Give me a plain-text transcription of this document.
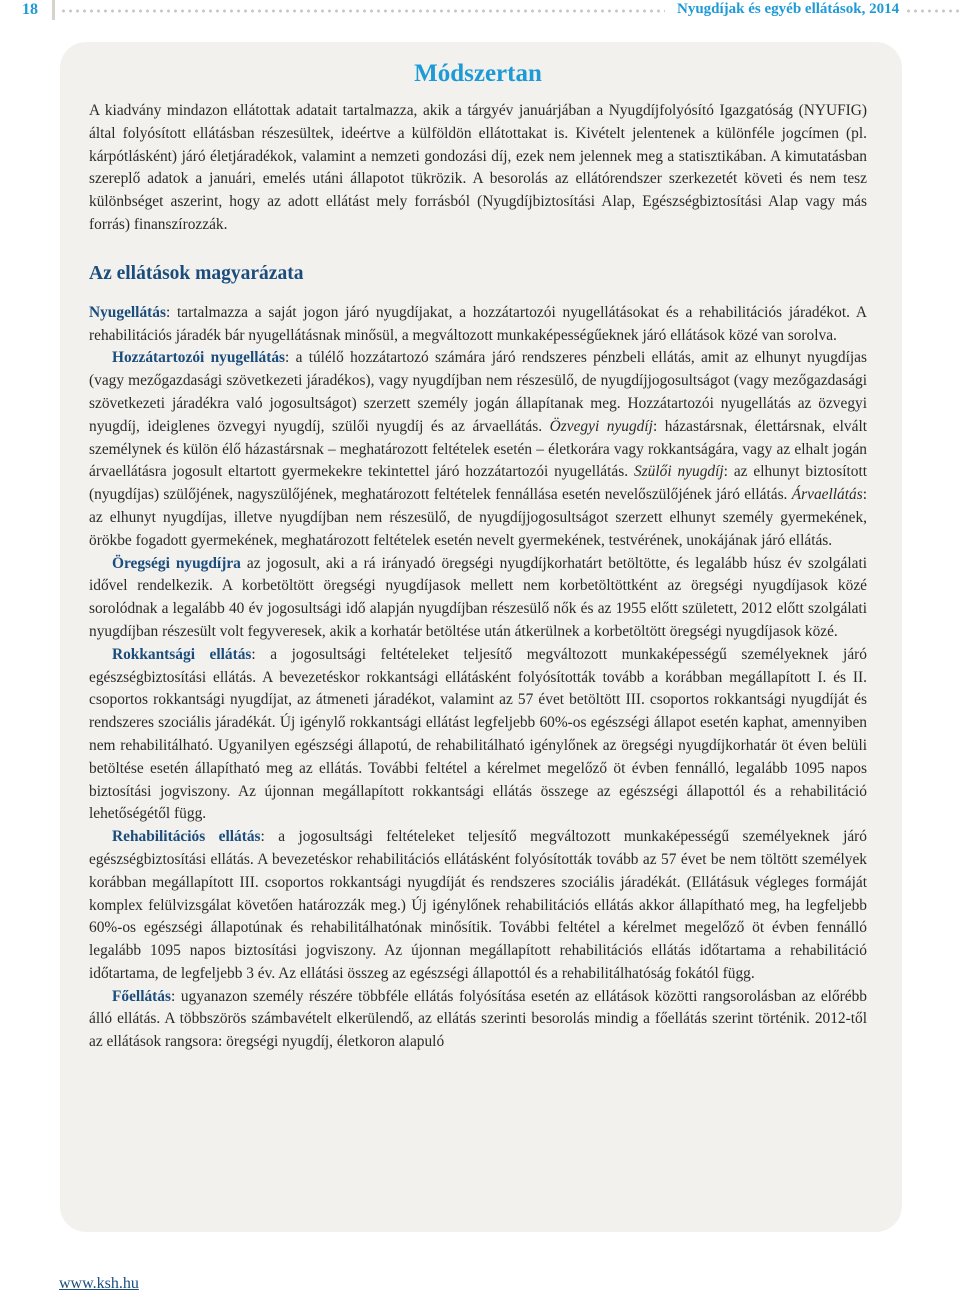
18	Nyugdíjak és egyéb ellátások, 2014
Módszertan

A kiadvány mindazon ellátottak adatait tartalmazza, akik a tárgyév januárjában a Nyugdíjfolyósító Igazgatóság (NYUFIG) által folyósított ellátásban részesültek, ideértve a külföldön ellátottakat is. Kivételt jelentenek a különféle jogcímen (pl. kárpótlásként) járó életjáradékok, valamint a nemzeti gondozási díj, ezek nem jelennek meg a statisztikában. A kimutatásban szereplő adatok a januári, emelés utáni állapotot tükrözik. A besorolás az ellátórendszer szerkezetét követi és nem tesz különbséget aszerint, hogy az adott ellátást mely forrásból (Nyugdíjbiztosítási Alap, Egészségbiztosítási Alap vagy más forrás) finanszírozzák.

Az ellátások magyarázata

Nyugellátás: tartalmazza a saját jogon járó nyugdíjakat, a hozzátartozói nyugellátásokat és a rehabilitációs járadékot. A rehabilitációs járadék bár nyugellátásnak minősül, a megváltozott munkaképességűeknek járó ellátások közé van sorolva.

Hozzátartozói nyugellátás: a túlélő hozzátartozó számára járó rendszeres pénzbeli ellátás, amit az elhunyt nyugdíjas (vagy mezőgazdasági szövetkezeti járadékos), vagy nyugdíjban nem részesülő, de nyugdíjjogosultságot (vagy mezőgazdasági szövetkezeti járadékra való jogosultságot) szerzett személy jogán állapítanak meg. Hozzátartozói nyugellátás az özvegyi nyugdíj, ideiglenes özvegyi nyugdíj, szülői nyugdíj és az árvaellátás. Özvegyi nyugdíj: házastársnak, élettársnak, elvált személynek és külön élő házastársnak – meghatározott feltételek esetén – életkorára vagy rokkantságára, vagy az elhalt jogán árvaellátásra jogosult eltartott gyermekekre tekintettel járó hozzátartozói nyugellátás. Szülői nyugdíj: az elhunyt biztosított (nyugdíjas) szülőjének, nagyszülőjének, meghatározott feltételek fennállása esetén nevelőszülőjének járó ellátás. Árvaellátás: az elhunyt nyugdíjas, illetve nyugdíjban nem részesülő, de nyugdíjjogosultságot szerzett elhunyt személy gyermekének, örökbe fogadott gyermekének, meghatározott feltételek esetén nevelt gyermekének, testvérének, unokájának járó ellátás.

Öregségi nyugdíjra az jogosult, aki a rá irányadó öregségi nyugdíjkorhatárt betöltötte, és legalább húsz év szolgálati idővel rendelkezik. A korbetöltött öregségi nyugdíjasok mellett nem korbetöltöttként az öregségi nyugdíjasok közé sorolódnak a legalább 40 év jogosultsági idő alapján nyugdíjban részesülő nők és az 1955 előtt született, 2012 előtt szolgálati nyugdíjban részesült volt fegyveresek, akik a korhatár betöltése után átkerülnek a korbetöltött öregségi nyugdíjasok közé.

Rokkantsági ellátás: a jogosultsági feltételeket teljesítő megváltozott munkaképességű személyeknek járó egészségbiztosítási ellátás. A bevezetéskor rokkantsági ellátásként folyósították tovább a korábban megállapított I. és II. csoportos rokkantsági nyugdíjat, az átmeneti járadékot, valamint az 57 évet betöltött III. csoportos rokkantsági nyugdíját és rendszeres szociális járadékát. Új igénylő rokkantsági ellátást legfeljebb 60%-os egészségi állapot esetén kaphat, amennyiben nem rehabilitálható. Ugyanilyen egészségi állapotú, de rehabilitálható igénylőnek az öregségi nyugdíjkorhatár öt éven belüli betöltése esetén állapítható meg az ellátás. További feltétel a kérelmet megelőző öt évben fennálló, legalább 1095 napos biztosítási jogviszony. Az újonnan megállapított rokkantsági ellátás összege az egészségi állapottól és a rehabilitáció lehetőségétől függ.

Rehabilitációs ellátás: a jogosultsági feltételeket teljesítő megváltozott munkaképességű személyeknek járó egészségbiztosítási ellátás. A bevezetéskor rehabilitációs ellátásként folyósították tovább az 57 évet be nem töltött személyek korábban megállapított III. csoportos rokkantsági nyugdíját és rendszeres szociális járadékát. (Ellátásuk végleges formáját komplex felülvizsgálat követően határozzák meg.) Új igénylőnek rehabilitációs ellátás akkor állapítható meg, ha legfeljebb 60%-os egészségi állapotúnak és rehabilitálhatónak minősítik. További feltétel a kérelmet megelőző öt évben fennálló legalább 1095 napos biztosítási jogviszony. Az újonnan megállapított rehabilitációs ellátás időtartama a rehabilitáció időtartama, de legfeljebb 3 év. Az ellátási összeg az egészségi állapottól és a rehabilitálhatóság fokától függ.

Főellátás: ugyanazon személy részére többféle ellátás folyósítása esetén az ellátások közötti rangsorolásban az előrébb álló ellátás. A többszörös számbavételt elkerülendő, az ellátás szerinti besorolás mindig a főellátás szerint történik. 2012-től az ellátások rangsora: öregségi nyugdíj, életkoron alapuló

www.ksh.hu
